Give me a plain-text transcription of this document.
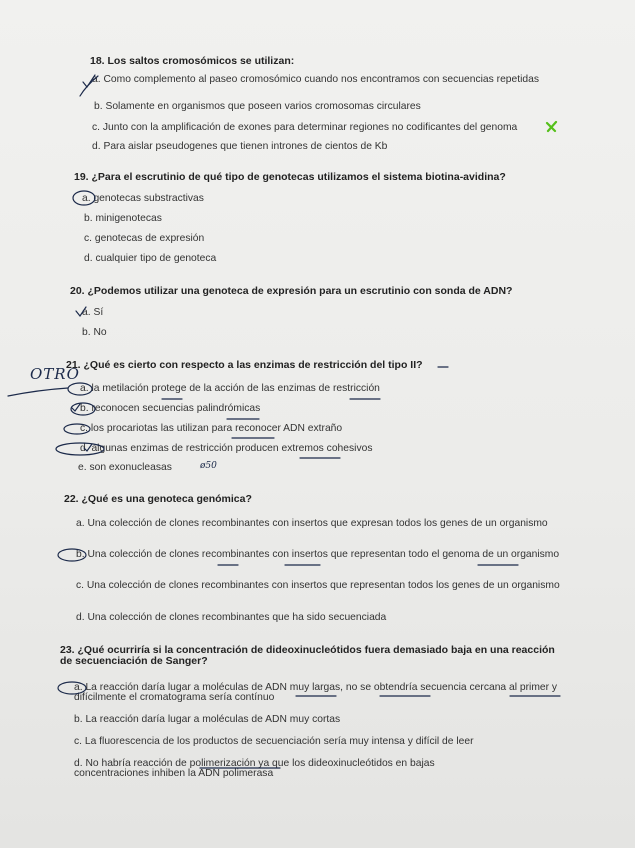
18. Los saltos cromosómicos se utilizan:
a. Como complemento al paseo cromosómico cuando nos encontramos con secuencias repetidas
b. Solamente en organismos que poseen varios cromosomas circulares
c. Junto con la amplificación de exones para determinar regiones no codificantes del genoma
d. Para aislar pseudogenes que tienen intrones de cientos de Kb
19. ¿Para el escrutinio de qué tipo de genotecas utilizamos el sistema biotina-avidina?
a. genotecas substractivas
b. minigenotecas
c. genotecas de expresión
d. cualquier tipo de genoteca
20. ¿Podemos utilizar una genoteca de expresión para un escrutinio con sonda de ADN?
a. Sí
b. No
21. ¿Qué es cierto con respecto a las enzimas de restricción del tipo II?
a. la metilación protege de la acción de las enzimas de restricción
b. reconocen secuencias palindrómicas
c. los procariotas las utilizan para reconocer ADN extraño
d. algunas enzimas de restricción producen extremos cohesivos
e. son exonucleasas
22. ¿Qué es una genoteca genómica?
a. Una colección de clones recombinantes con insertos que expresan todos los genes de un organismo
b. Una colección de clones recombinantes con insertos que representan todo el genoma de un organismo
c. Una colección de clones recombinantes con insertos que representan todos los genes de un organismo
d. Una colección de clones recombinantes que ha sido secuenciada
23. ¿Qué ocurriría si la concentración de dideoxinucleótidos fuera demasiado baja en una reacción de secuenciación de Sanger?
a. La reacción daría lugar a moléculas de ADN muy largas, no se obtendría secuencia cercana al primer y difícilmente el cromatograma sería contínuo
b. La reacción daría lugar a moléculas de ADN muy cortas
c. La fluorescencia de los productos de secuenciación sería muy intensa y difícil de leer
d. No habría reacción de polimerización ya que los dideoxinucleótidos en bajas concentraciones inhiben la ADN polimerasa
OTRO
ø50
